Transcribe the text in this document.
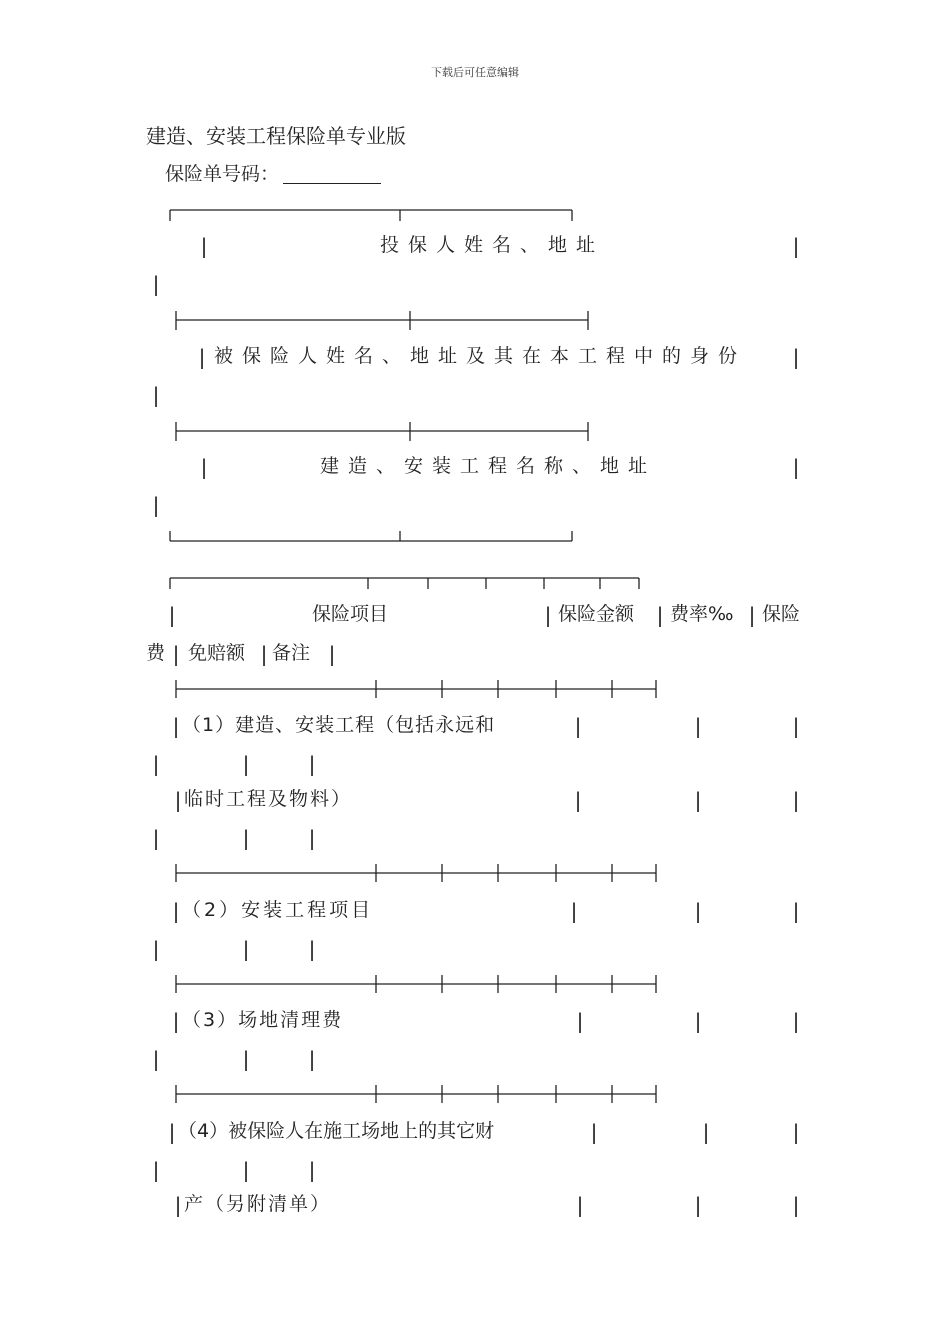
下载后可任意编辑
建造、安装工程保险单专业版
保险单号码：
|	投保人姓名、地址	|
|
| 被保险人姓名、地址及其在本工程中的身份 |
|
|	建造、安装工程名称、地址	|
|
|	保险项目	| 保险金额 | 费率‰ | 保险
费 | 免赔额 | 备注 |
| （1）建造、安装工程（包括永远和	|	|	|
|	|	|
| 临时工程及物料）	|	|	|
|	|	|
| （2）安装工程项目	|	|	|
|	|	|
| （3）场地清理费	|	|	|
|	|	|
| （4）被保险人在施工场地上的其它财	|	|	|
|	|	|
| 产（另附清单）	|	|	|
